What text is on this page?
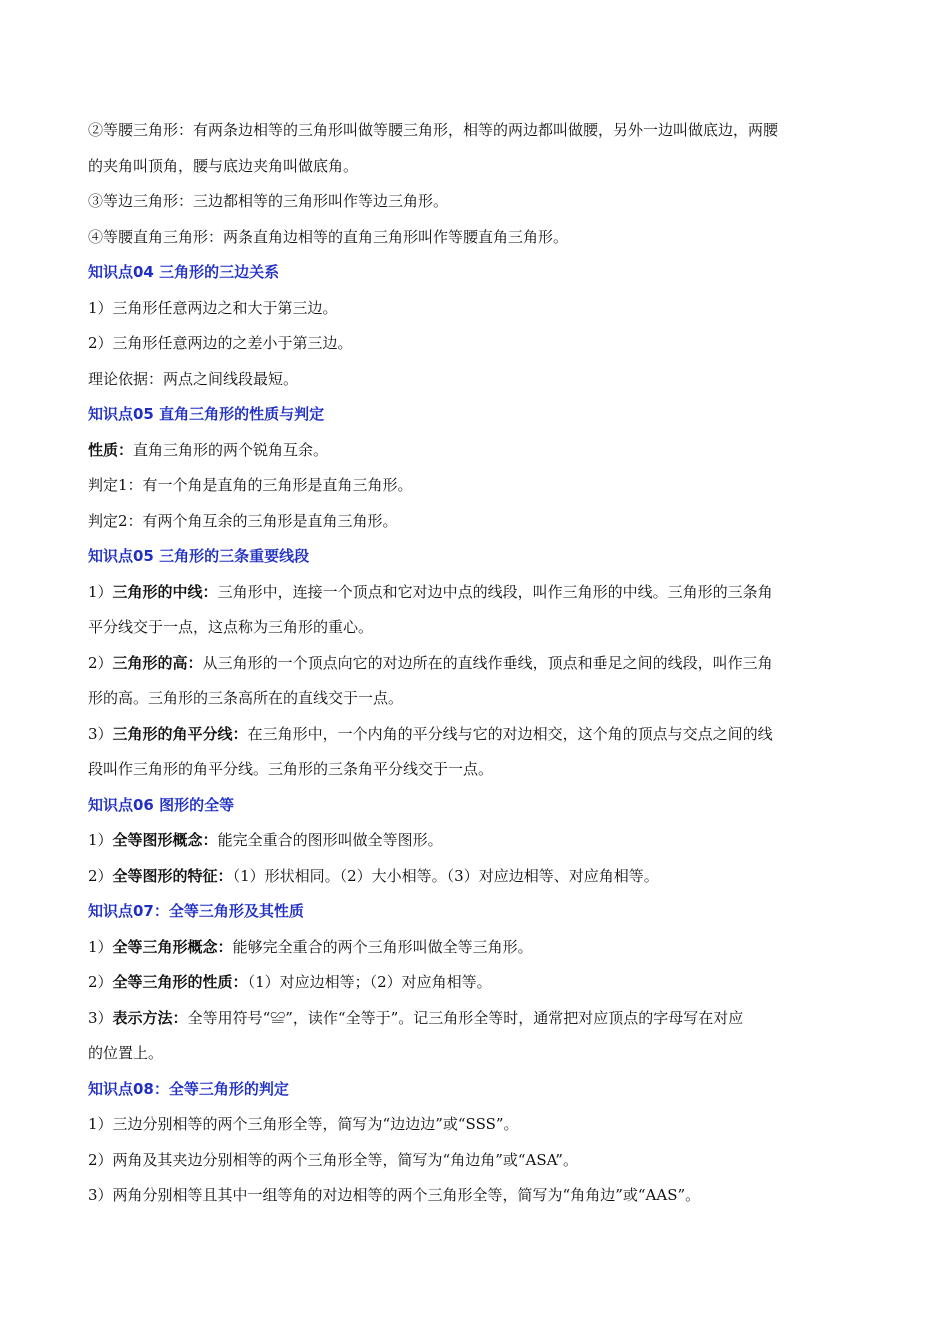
②等腰三角形：有两条边相等的三角形叫做等腰三角形，相等的两边都叫做腰，另外一边叫做底边，两腰

的夹角叫顶角，腰与底边夹角叫做底角。

③等边三角形：三边都相等的三角形叫作等边三角形。

④等腰直角三角形：两条直角边相等的直角三角形叫作等腰直角三角形。

知识点04 三角形的三边关系

1）三角形任意两边之和大于第三边。

2）三角形任意两边的之差小于第三边。

理论依据：两点之间线段最短。

知识点05 直角三角形的性质与判定

性质：直角三角形的两个锐角互余。

判定1：有一个角是直角的三角形是直角三角形。

判定2：有两个角互余的三角形是直角三角形。

知识点05 三角形的三条重要线段

1）三角形的中线：三角形中，连接一个顶点和它对边中点的线段，叫作三角形的中线。三角形的三条角

平分线交于一点，这点称为三角形的重心。

2）三角形的高：从三角形的一个顶点向它的对边所在的直线作垂线，顶点和垂足之间的线段，叫作三角

形的高。三角形的三条高所在的直线交于一点。

3）三角形的角平分线：在三角形中，一个内角的平分线与它的对边相交，这个角的顶点与交点之间的线

段叫作三角形的角平分线。三角形的三条角平分线交于一点。

知识点06 图形的全等

1）全等图形概念：能完全重合的图形叫做全等图形。

2）全等图形的特征：（1）形状相同。（2）大小相等。（3）对应边相等、对应角相等。

知识点07：全等三角形及其性质

1）全等三角形概念：能够完全重合的两个三角形叫做全等三角形。

2）全等三角形的性质：（1）对应边相等；（2）对应角相等。

3）表示方法：全等用符号“≌”，读作“全等于”。记三角形全等时，通常把对应顶点的字母写在对应

的位置上。

知识点08：全等三角形的判定

1）三边分别相等的两个三角形全等，简写为“边边边”或“SSS”。

2）两角及其夹边分别相等的两个三角形全等，简写为“角边角”或“ASA”。

3）两角分别相等且其中一组等角的对边相等的两个三角形全等，简写为“角角边”或“AAS”。
